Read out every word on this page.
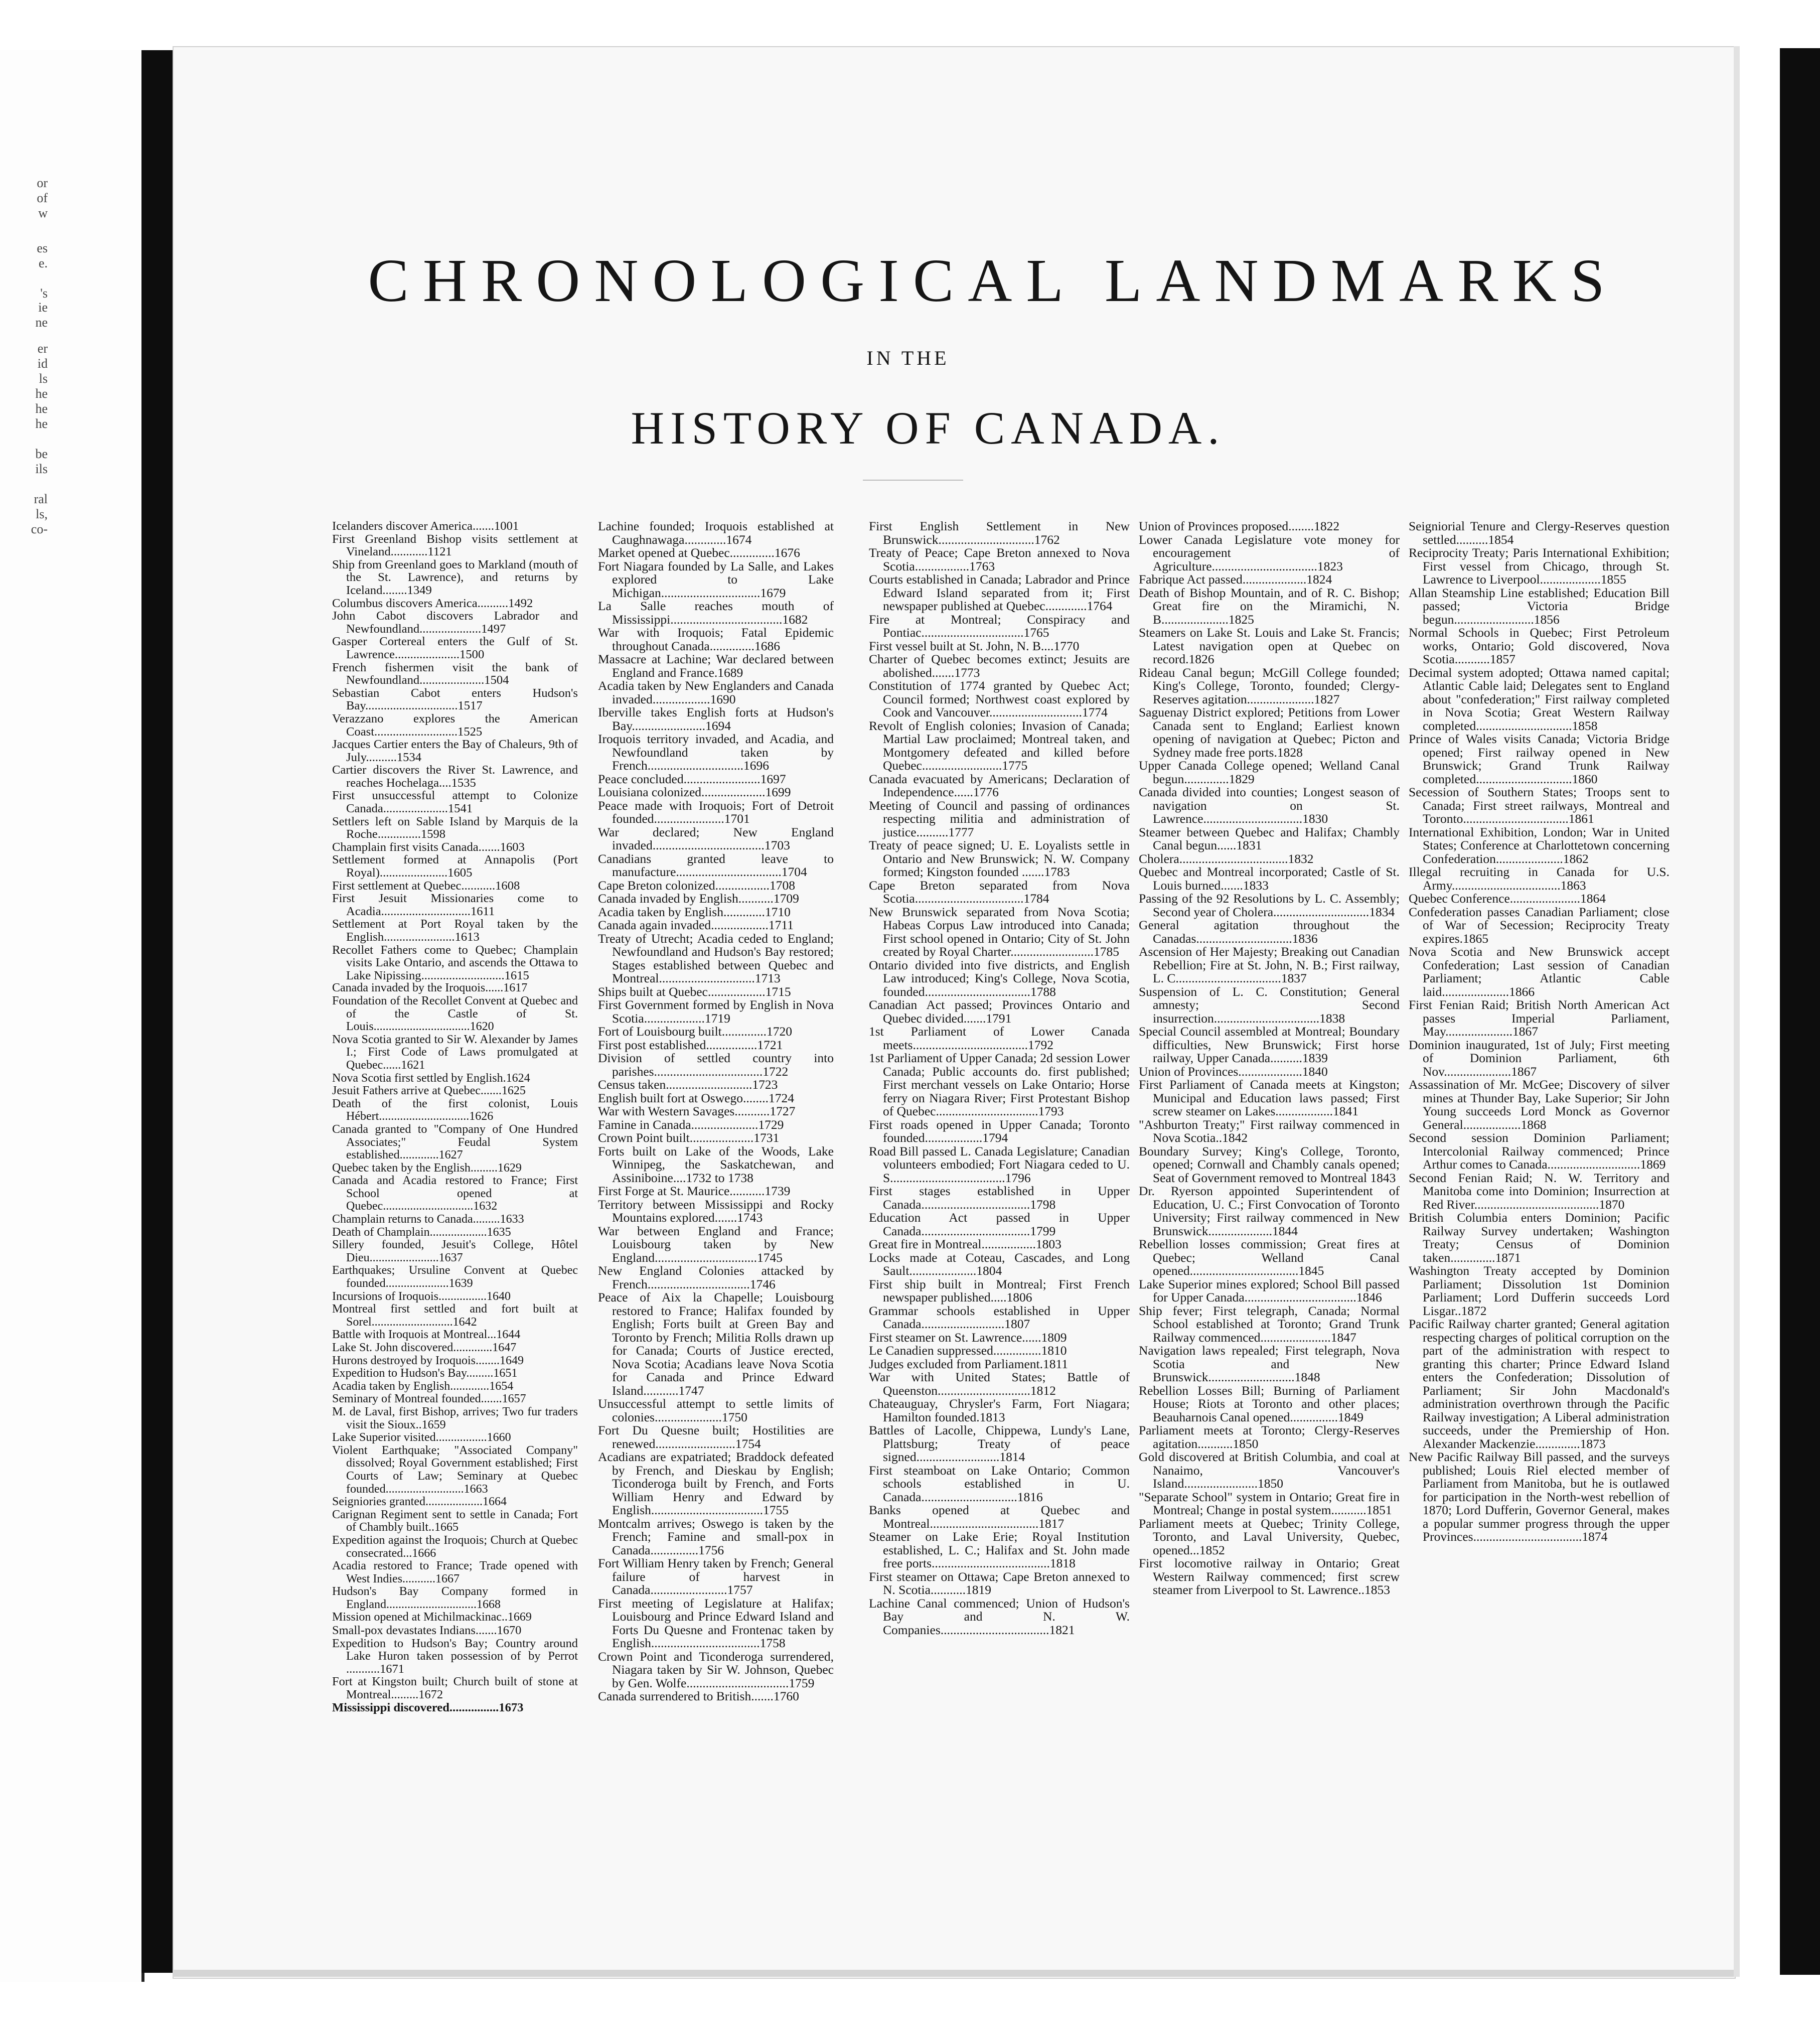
or
of
w
es
e.
's
ie
ne
er
id
ls
he
he
he
be
ils
ral
ls,
co-
CHRONOLOGICAL LANDMARKS
IN THE
HISTORY OF CANADA.
Icelanders discover America.......1001
First Greenland Bishop visits settlement at Vineland............1121
Ship from Greenland goes to Markland (mouth of the St. Lawrence), and returns by Iceland........1349
Columbus discovers America..........1492
John Cabot discovers Labrador and Newfoundland....................1497
Gasper Cortereal enters the Gulf of St. Lawrence.....................1500
French fishermen visit the bank of Newfoundland.....................1504
Sebastian Cabot enters Hudson's Bay..............................1517
Verazzano explores the American Coast...........................1525
Jacques Cartier enters the Bay of Chaleurs, 9th of July..........1534
Cartier discovers the River St. Lawrence, and reaches Hochelaga....1535
First unsuccessful attempt to Colonize Canada.....................1541
Settlers left on Sable Island by Marquis de la Roche..............1598
Champlain first visits Canada.......1603
Settlement formed at Annapolis (Port Royal)......................1605
First settlement at Quebec...........1608
First Jesuit Missionaries come to Acadia.............................1611
Settlement at Port Royal taken by the English.......................1613
Recollet Fathers come to Quebec; Champlain visits Lake Ontario, and ascends the Ottawa to Lake Nipissing...........................1615
Canada invaded by the Iroquois......1617
Foundation of the Recollet Convent at Quebec and of the Castle of St. Louis................................1620
Nova Scotia granted to Sir W. Alexander by James I.; First Code of Laws promulgated at Quebec......1621
Nova Scotia first settled by English.1624
Jesuit Fathers arrive at Quebec.......1625
Death of the first colonist, Louis Hébert..............................1626
Canada granted to "Company of One Hundred Associates;" Feudal System established.............1627
Quebec taken by the English.........1629
Canada and Acadia restored to France; First School opened at Quebec..............................1632
Champlain returns to Canada.........1633
Death of Champlain...................1635
Sillery founded, Jesuit's College, Hôtel Dieu.......................1637
Earthquakes; Ursuline Convent at Quebec founded.....................1639
Incursions of Iroquois................1640
Montreal first settled and fort built at Sorel...........................1642
Battle with Iroquois at Montreal...1644
Lake St. John discovered.............1647
Hurons destroyed by Iroquois........1649
Expedition to Hudson's Bay.........1651
Acadia taken by English.............1654
Seminary of Montreal founded.......1657
M. de Laval, first Bishop, arrives; Two fur traders visit the Sioux..1659
Lake Superior visited.................1660
Violent Earthquake; "Associated Company" dissolved; Royal Government established; First Courts of Law; Seminary at Quebec founded..........................1663
Seigniories granted...................1664
Carignan Regiment sent to settle in Canada; Fort of Chambly built..1665
Expedition against the Iroquois; Church at Quebec consecrated...1666
Acadia restored to France; Trade opened with West Indies...........1667
Hudson's Bay Company formed in England..............................1668
Mission opened at Michilmackinac..1669
Small-pox devastates Indians.......1670
Expedition to Hudson's Bay; Country around Lake Huron taken possession of by Perrot ...........1671
Fort at Kingston built; Church built of stone at Montreal.........1672
Mississippi discovered................1673
Lachine founded; Iroquois established at Caughnawaga.............1674
Market opened at Quebec..............1676
Fort Niagara founded by La Salle, and Lakes explored to Lake Michigan...............................1679
La Salle reaches mouth of Mississippi...................................1682
War with Iroquois; Fatal Epidemic throughout Canada..............1686
Massacre at Lachine; War declared between England and France.1689
Acadia taken by New Englanders and Canada invaded..................1690
Iberville takes English forts at Hudson's Bay.......................1694
Iroquois territory invaded, and Acadia, and Newfoundland taken by French..............................1696
Peace concluded........................1697
Louisiana colonized....................1699
Peace made with Iroquois; Fort of Detroit founded......................1701
War declared; New England invaded...................................1703
Canadians granted leave to manufacture.................................1704
Cape Breton colonized.................1708
Canada invaded by English...........1709
Acadia taken by English.............1710
Canada again invaded..................1711
Treaty of Utrecht; Acadia ceded to England; Newfoundland and Hudson's Bay restored; Stages established between Quebec and Montreal..............................1713
Ships built at Quebec..................1715
First Government formed by English in Nova Scotia...................1719
Fort of Louisbourg built..............1720
First post established................1721
Division of settled country into parishes..................................1722
Census taken...........................1723
English built fort at Oswego........1724
War with Western Savages...........1727
Famine in Canada.....................1729
Crown Point built....................1731
Forts built on Lake of the Woods, Lake Winnipeg, the Saskatchewan, and Assiniboine....1732 to 1738
First Forge at St. Maurice...........1739
Territory between Mississippi and Rocky Mountains explored.......1743
War between England and France; Louisbourg taken by New England................................1745
New England Colonies attacked by French................................1746
Peace of Aix la Chapelle; Louisbourg restored to France; Halifax founded by English; Forts built at Green Bay and Toronto by French; Militia Rolls drawn up for Canada; Courts of Justice erected, Nova Scotia; Acadians leave Nova Scotia for Canada and Prince Edward Island...........1747
Unsuccessful attempt to settle limits of colonies.....................1750
Fort Du Quesne built; Hostilities are renewed.........................1754
Acadians are expatriated; Braddock defeated by French, and Dieskau by English; Ticonderoga built by French, and Forts William Henry and Edward by English...................................1755
Montcalm arrives; Oswego is taken by the French; Famine and small-pox in Canada...............1756
Fort William Henry taken by French; General failure of harvest in Canada........................1757
First meeting of Legislature at Halifax; Louisbourg and Prince Edward Island and Forts Du Quesne and Frontenac taken by English..................................1758
Crown Point and Ticonderoga surrendered, Niagara taken by Sir W. Johnson, Quebec by Gen. Wolfe................................1759
Canada surrendered to British.......1760
First English Settlement in New Brunswick..............................1762
Treaty of Peace; Cape Breton annexed to Nova Scotia.................1763
Courts established in Canada; Labrador and Prince Edward Island separated from it; First newspaper published at Quebec.............1764
Fire at Montreal; Conspiracy and Pontiac................................1765
First vessel built at St. John, N. B....1770
Charter of Quebec becomes extinct; Jesuits are abolished.......1773
Constitution of 1774 granted by Quebec Act; Council formed; Northwest coast explored by Cook and Vancouver.............................1774
Revolt of English colonies; Invasion of Canada; Martial Law proclaimed; Montreal taken, and Montgomery defeated and killed before Quebec.........................1775
Canada evacuated by Americans; Declaration of Independence......1776
Meeting of Council and passing of ordinances respecting militia and administration of justice..........1777
Treaty of peace signed; U. E. Loyalists settle in Ontario and New Brunswick; N. W. Company formed; Kingston founded .......1783
Cape Breton separated from Nova Scotia..................................1784
New Brunswick separated from Nova Scotia; Habeas Corpus Law introduced into Canada; First school opened in Ontario; City of St. John created by Royal Charter..........................1785
Ontario divided into five districts, and English Law introduced; King's College, Nova Scotia, founded.................................1788
Canadian Act passed; Provinces Ontario and Quebec divided.......1791
1st Parliament of Lower Canada meets....................................1792
1st Parliament of Upper Canada; 2d session Lower Canada; Public accounts do. first published; First merchant vessels on Lake Ontario; Horse ferry on Niagara River; First Protestant Bishop of Quebec................................1793
First roads opened in Upper Canada; Toronto founded..................1794
Road Bill passed L. Canada Legislature; Canadian volunteers embodied; Fort Niagara ceded to U. S....................................1796
First stages established in Upper Canada..................................1798
Education Act passed in Upper Canada..................................1799
Great fire in Montreal.................1803
Locks made at Coteau, Cascades, and Long Sault.....................1804
First ship built in Montreal; First French newspaper published.....1806
Grammar schools established in Upper Canada..........................1807
First steamer on St. Lawrence......1809
Le Canadien suppressed...............1810
Judges excluded from Parliament.1811
War with United States; Battle of Queenston.............................1812
Chateauguay, Chrysler's Farm, Fort Niagara; Hamilton founded.1813
Battles of Lacolle, Chippewa, Lundy's Lane, Plattsburg; Treaty of peace signed..........................1814
First steamboat on Lake Ontario; Common schools established in U. Canada..............................1816
Banks opened at Quebec and Montreal..................................1817
Steamer on Lake Erie; Royal Institution established, L. C.; Halifax and St. John made free ports.....................................1818
First steamer on Ottawa; Cape Breton annexed to N. Scotia...........1819
Lachine Canal commenced; Union of Hudson's Bay and N. W. Companies..................................1821
Union of Provinces proposed........1822
Lower Canada Legislature vote money for encouragement of Agriculture.................................1823
Fabrique Act passed....................1824
Death of Bishop Mountain, and of R. C. Bishop; Great fire on the Miramichi, N. B.....................1825
Steamers on Lake St. Louis and Lake St. Francis; Latest navigation open at Quebec on record.1826
Rideau Canal begun; McGill College founded; King's College, Toronto, founded; Clergy-Reserves agitation.....................1827
Saguenay District explored; Petitions from Lower Canada sent to England; Earliest known opening of navigation at Quebec; Picton and Sydney made free ports.1828
Upper Canada College opened; Welland Canal begun..............1829
Canada divided into counties; Longest season of navigation on St. Lawrence...............................1830
Steamer between Quebec and Halifax; Chambly Canal begun......1831
Cholera..................................1832
Quebec and Montreal incorporated; Castle of St. Louis burned.......1833
Passing of the 92 Resolutions by L. C. Assembly; Second year of Cholera..............................1834
General agitation throughout the Canadas..............................1836
Ascension of Her Majesty; Breaking out Canadian Rebellion; Fire at St. John, N. B.; First railway, L. C.................................1837
Suspension of L. C. Constitution; General amnesty; Second insurrection.................................1838
Special Council assembled at Montreal; Boundary difficulties, New Brunswick; First horse railway, Upper Canada..........1839
Union of Provinces....................1840
First Parliament of Canada meets at Kingston; Municipal and Education laws passed; First screw steamer on Lakes..................1841
"Ashburton Treaty;" First railway commenced in Nova Scotia..1842
Boundary Survey; King's College, Toronto, opened; Cornwall and Chambly canals opened; Seat of Government removed to Montreal 1843
Dr. Ryerson appointed Superintendent of Education, U. C.; First Convocation of Toronto University; First railway commenced in New Brunswick....................1844
Rebellion losses commission; Great fires at Quebec; Welland Canal opened..................................1845
Lake Superior mines explored; School Bill passed for Upper Canada...................................1846
Ship fever; First telegraph, Canada; Normal School established at Toronto; Grand Trunk Railway commenced......................1847
Navigation laws repealed; First telegraph, Nova Scotia and New Brunswick...........................1848
Rebellion Losses Bill; Burning of Parliament House; Riots at Toronto and other places; Beauharnois Canal opened...............1849
Parliament meets at Toronto; Clergy-Reserves agitation...........1850
Gold discovered at British Columbia, and coal at Nanaimo, Vancouver's Island.......................1850
"Separate School" system in Ontario; Great fire in Montreal; Change in postal system...........1851
Parliament meets at Quebec; Trinity College, Toronto, and Laval University, Quebec, opened...1852
First locomotive railway in Ontario; Great Western Railway commenced; first screw steamer from Liverpool to St. Lawrence..1853
Seigniorial Tenure and Clergy-Reserves question settled..........1854
Reciprocity Treaty; Paris International Exhibition; First vessel from Chicago, through St. Lawrence to Liverpool...................1855
Allan Steamship Line established; Education Bill passed; Victoria Bridge begun.........................1856
Normal Schools in Quebec; First Petroleum works, Ontario; Gold discovered, Nova Scotia...........1857
Decimal system adopted; Ottawa named capital; Atlantic Cable laid; Delegates sent to England about "confederation;" First railway completed in Nova Scotia; Great Western Railway completed..............................1858
Prince of Wales visits Canada; Victoria Bridge opened; First railway opened in New Brunswick; Grand Trunk Railway completed..............................1860
Secession of Southern States; Troops sent to Canada; First street railways, Montreal and Toronto.................................1861
International Exhibition, London; War in United States; Conference at Charlottetown concerning Confederation.....................1862
Illegal recruiting in Canada for U.S. Army..................................1863
Quebec Conference......................1864
Confederation passes Canadian Parliament; close of War of Secession; Reciprocity Treaty expires.1865
Nova Scotia and New Brunswick accept Confederation; Last session of Canadian Parliament; Atlantic Cable laid.....................1866
First Fenian Raid; British North American Act passes Imperial Parliament, May.....................1867
Dominion inaugurated, 1st of July; First meeting of Dominion Parliament, 6th Nov.....................1867
Assassination of Mr. McGee; Discovery of silver mines at Thunder Bay, Lake Superior; Sir John Young succeeds Lord Monck as Governor General..................1868
Second session Dominion Parliament; Intercolonial Railway commenced; Prince Arthur comes to Canada.............................1869
Second Fenian Raid; N. W. Territory and Manitoba come into Dominion; Insurrection at Red River.......................................1870
British Columbia enters Dominion; Pacific Railway Survey undertaken; Washington Treaty; Census of Dominion taken..............1871
Washington Treaty accepted by Dominion Parliament; Dissolution 1st Dominion Parliament; Lord Dufferin succeeds Lord Lisgar..1872
Pacific Railway charter granted; General agitation respecting charges of political corruption on the part of the administration with respect to granting this charter; Prince Edward Island enters the Confederation; Dissolution of Parliament; Sir John Macdonald's administration overthrown through the Pacific Railway investigation; A Liberal administration succeeds, under the Premiership of Hon. Alexander Mackenzie..............1873
New Pacific Railway Bill passed, and the surveys published; Louis Riel elected member of Parliament from Manitoba, but he is outlawed for participation in the North-west rebellion of 1870; Lord Dufferin, Governor General, makes a popular summer progress through the upper Provinces..................................1874
